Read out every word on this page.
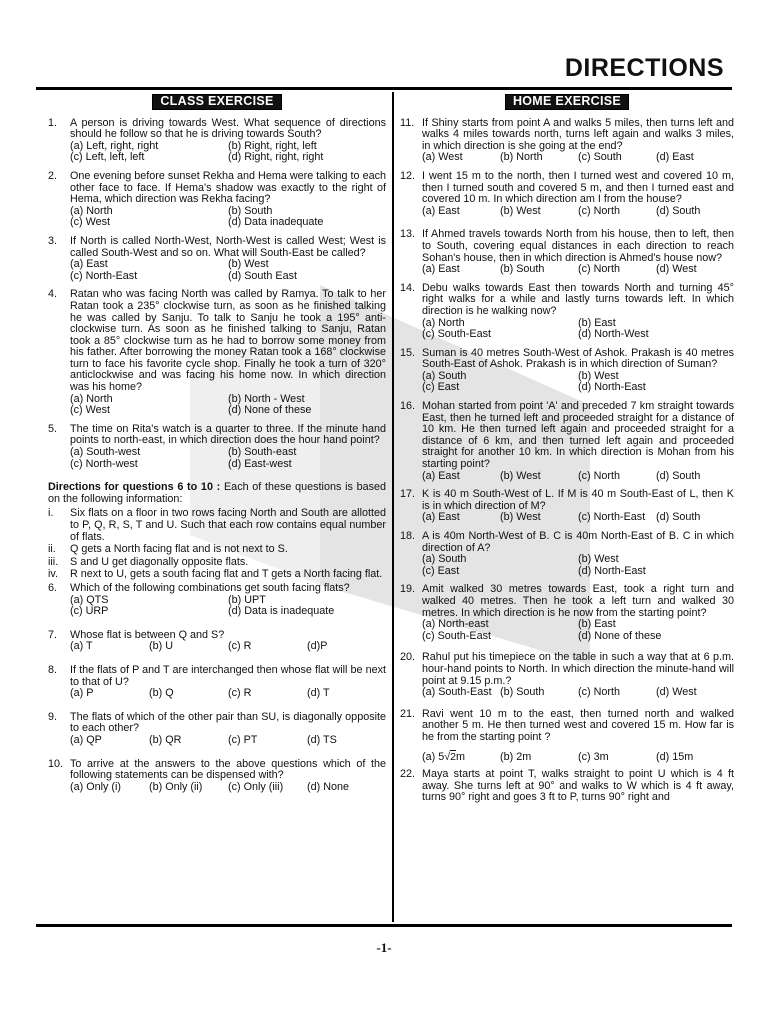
DIRECTIONS
CLASS EXERCISE
1.	A person is driving towards West. What sequence of directions should he follow so that he is driving towards South?
(a) Left, right, right	(b) Right, right, left
(c) Left, left, left	(d) Right, right, right
2.	One evening before sunset Rekha and Hema were talking to each other face to face. If Hema's shadow was exactly to the right of Hema, which direction was Rekha facing?
(a) North	(b) South
(c) West	(d) Data inadequate
3.	If North is called North-West, North-West is called West; West is called South-West and so on. What will South-East be called?
(a) East	(b) West
(c) North-East	(d) South East
4.	Ratan who was facing North was called by Ramya. To talk to her Ratan took a 235° clockwise turn, as soon as he finished talking he was called by Sanju. To talk to Sanju he took a 195° anti-clockwise turn. As soon as he finished talking to Sanju, Ratan took a 85° clockwise turn as he had to borrow some money from his father. After borrowing the money Ratan took a 168° clockwise turn to face his favorite cycle shop. Finally he took a turn of 320° anticlockwise and was facing his home now. In which direction was his home?
(a) North	(b) North - West
(c) West	(d) None of these
5.	The time on Rita's watch is a quarter to three. If the minute hand points to north-east, in which direction does the hour hand point?
(a) South-west	(b) South-east
(c) North-west	(d) East-west
Directions for questions 6 to 10 : Each of these questions is based on the following information:
i.	Six flats on a floor in two rows facing North and South are allotted to P, Q, R, S, T and U. Such that each row contains equal number of flats.
ii.	Q gets a North facing flat and is not next to S.
iii.	S and U get diagonally opposite flats.
iv.	R next to U, gets a south facing flat and T gets a North facing flat.
6.	Which of the following combinations get south facing flats?
(a) QTS	(b) UPT
(c) URP	(d) Data is inadequate
7.	Whose flat is between Q and S?
(a) T	(b) U	(c) R	(d)P
8.	If the flats of P and T are interchanged then whose flat will be next to that of U?
(a) P	(b) Q	(c) R	(d) T
9.	The flats of which of the other pair than SU, is diagonally opposite to each other?
(a) QP	(b) QR	(c) PT	(d) TS
10. To arrive at the answers to the above questions which of the following statements can be dispensed with?
(a) Only (i)	(b) Only (ii)	(c) Only (iii)	(d) None
HOME EXERCISE
11. If Shiny starts from point A and walks 5 miles, then turns left and walks 4 miles towards north, turns left again and walks 3 miles, in which direction is she going at the end?
(a) West	(b) North	(c) South	(d) East
12. I went 15 m to the north, then I turned west and covered 10 m, then I turned south and covered 5 m, and then I turned east and covered 10 m. In which direction am I from the house?
(a) East	(b) West	(c) North	(d) South
13. If Ahmed travels towards North from his house, then to left, then to South, covering equal distances in each direction to reach Sohan's house, then in which direction is Ahmed's house now?
(a) East	(b) South	(c) North	(d) West
14. Debu walks towards East then towards North and turning 45° right walks for a while and lastly turns towards left. In which direction is he walking now?
(a) North	(b) East
(c) South-East	(d) North-West
15. Suman is 40 metres South-West of Ashok. Prakash is 40 metres South-East of Ashok. Prakash is in which direction of Suman?
(a) South	(b) West
(c) East	(d) North-East
16. Mohan started from point 'A' and preceded 7 km straight towards East, then he turned left and proceeded straight for a distance of 10 km. He then turned left again and proceeded straight for a distance of 6 km, and then turned left again and proceeded straight for another 10 km. In which direction is Mohan from his starting point?
(a) East	(b) West	(c) North	(d) South
17. K is 40 m South-West of L. If M is 40 m South-East of L, then K is in which direction of M?
(a) East	(b) West	(c) North-East (d) South
18. A is 40m North-West of B. C is 40m North-East of B. C in which direction of A?
(a) South	(b) West
(c) East	(d) North-East
19. Amit walked 30 metres towards East, took a right turn and walked 40 metres. Then he took a left turn and walked 30 metres. In which direction is he now from the starting point?
(a) North-east	(b) East
(c) South-East	(d) None of these
20. Rahul put his timepiece on the table in such a way that at 6 p.m. hour-hand points to North. In which direction the minute-hand will point at 9.15 p.m.?
(a) South-East (b) South	(c) North	(d) West
21. Ravi went 10 m to the east, then turned north and walked another 5 m. He then turned west and covered 15 m. How far is he from the starting point ?
(a) 5√2m	(b) 2m	(c) 3m	(d) 15m
22. Maya starts at point T, walks straight to point U which is 4 ft away. She turns left at 90° and walks to W which is 4 ft away, turns 90° right and goes 3 ft to P, turns 90° right and
-1-
